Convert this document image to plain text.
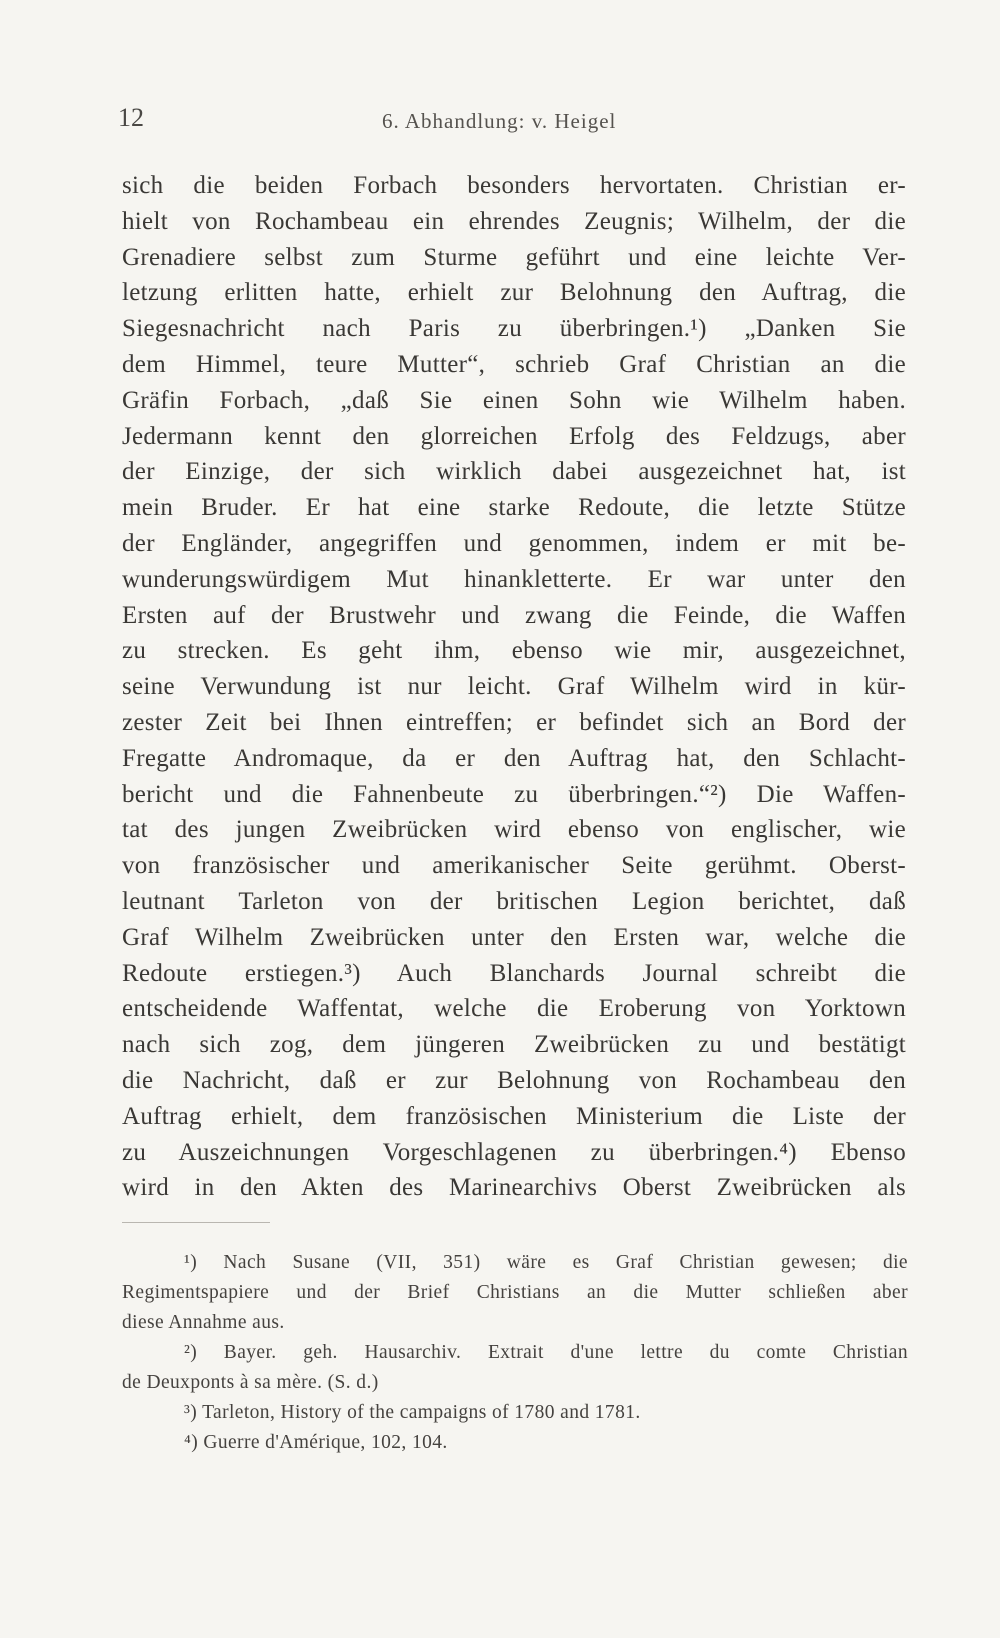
12	6. Abhandlung: v. Heigel
sich die beiden Forbach besonders hervortaten. Christian er-
hielt von Rochambeau ein ehrendes Zeugnis; Wilhelm, der die
Grenadiere selbst zum Sturme geführt und eine leichte Ver-
letzung erlitten hatte, erhielt zur Belohnung den Auftrag, die
Siegesnachricht nach Paris zu überbringen.¹) „Danken Sie
dem Himmel, teure Mutter“, schrieb Graf Christian an die
Gräfin Forbach, „daß Sie einen Sohn wie Wilhelm haben.
Jedermann kennt den glorreichen Erfolg des Feldzugs, aber
der Einzige, der sich wirklich dabei ausgezeichnet hat, ist
mein Bruder. Er hat eine starke Redoute, die letzte Stütze
der Engländer, angegriffen und genommen, indem er mit be-
wunderungswürdigem Mut hinankletterte. Er war unter den
Ersten auf der Brustwehr und zwang die Feinde, die Waffen
zu strecken. Es geht ihm, ebenso wie mir, ausgezeichnet,
seine Verwundung ist nur leicht. Graf Wilhelm wird in kür-
zester Zeit bei Ihnen eintreffen; er befindet sich an Bord der
Fregatte Andromaque, da er den Auftrag hat, den Schlacht-
bericht und die Fahnenbeute zu überbringen.“²) Die Waffen-
tat des jungen Zweibrücken wird ebenso von englischer, wie
von französischer und amerikanischer Seite gerühmt. Oberst-
leutnant Tarleton von der britischen Legion berichtet, daß
Graf Wilhelm Zweibrücken unter den Ersten war, welche die
Redoute erstiegen.³) Auch Blanchards Journal schreibt die
entscheidende Waffentat, welche die Eroberung von Yorktown
nach sich zog, dem jüngeren Zweibrücken zu und bestätigt
die Nachricht, daß er zur Belohnung von Rochambeau den
Auftrag erhielt, dem französischen Ministerium die Liste der
zu Auszeichnungen Vorgeschlagenen zu überbringen.⁴) Ebenso
wird in den Akten des Marinearchivs Oberst Zweibrücken als
¹) Nach Susane (VII, 351) wäre es Graf Christian gewesen; die
Regimentspapiere und der Brief Christians an die Mutter schließen aber
diese Annahme aus.
²) Bayer. geh. Hausarchiv. Extrait d'une lettre du comte Christian
de Deuxponts à sa mère. (S. d.)
³) Tarleton, History of the campaigns of 1780 and 1781.
⁴) Guerre d'Amérique, 102, 104.
